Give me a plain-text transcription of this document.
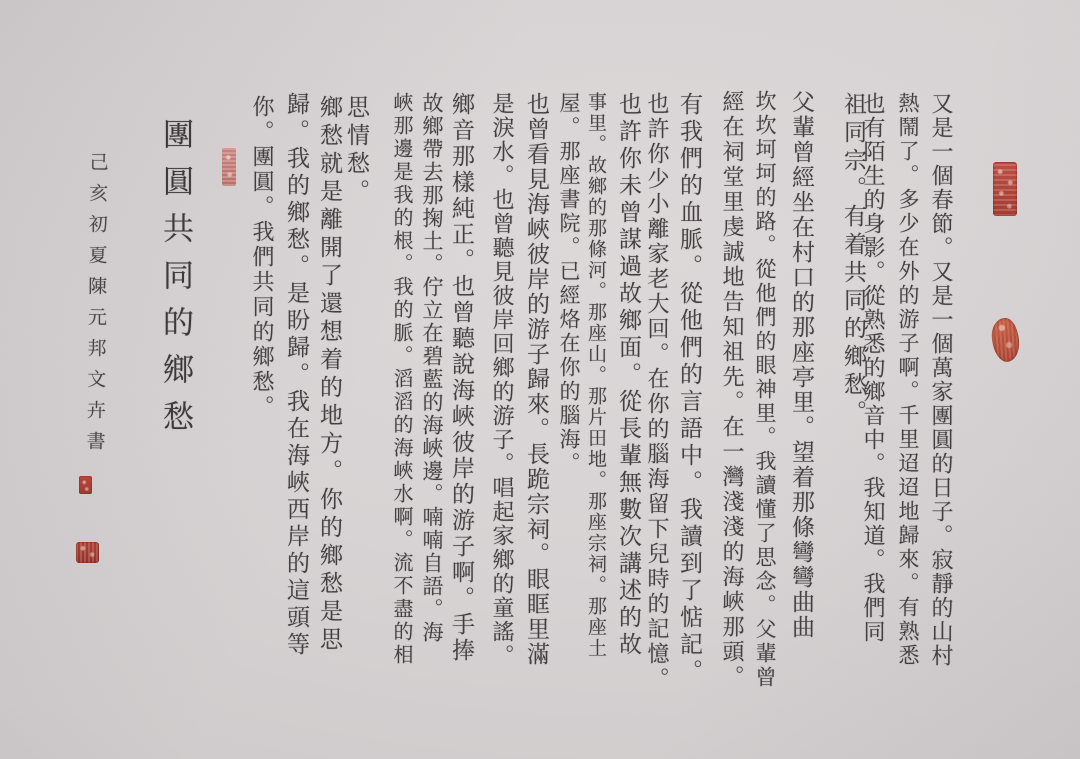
又是一個春節。又是一個萬家團圓的日子。寂靜的山村
熱鬧了。多少在外的游子啊。千里迢迢地歸來。有熟悉
也有陌生的身影。從熟悉的鄉音中。我知道。我們同
祖同宗。有着共同的鄉愁。
父輩曾經坐在村口的那座亭里。望着那條彎彎曲曲
坎坎坷坷的路。從他們的眼神里。我讀懂了思念。父輩曾
經在祠堂里虔誠地告知祖先。在一灣淺淺的海峽那頭。
有我們的血脈。從他們的言語中。我讀到了惦記。
也許你少小離家老大回。在你的腦海留下兒時的記憶。
也許你未曾謀過故鄉面。從長輩無數次講述的故
事里。故鄉的那條河。那座山。那片田地。那座宗祠。那座土
屋。那座書院。已經烙在你的腦海。
也曾看見海峽彼岸的游子歸來。長跪宗祠。眼眶里滿
是淚水。也曾聽見彼岸回鄉的游子。唱起家鄉的童謠。
鄉音那樣純正。也曾聽說海峽彼岸的游子啊。手捧
故鄉帶去那掬土。佇立在碧藍的海峽邊。喃喃自語。海
峽那邊是我的根。我的脈。滔滔的海峽水啊。流不盡的相
思情愁。
鄉愁就是離開了還想着的地方。你的鄉愁是思
歸。我的鄉愁。是盼歸。我在海峽西岸的這頭等
你。團圓。我們共同的鄉愁。
團圓共同的鄉愁
己亥初夏陳元邦文卉書
